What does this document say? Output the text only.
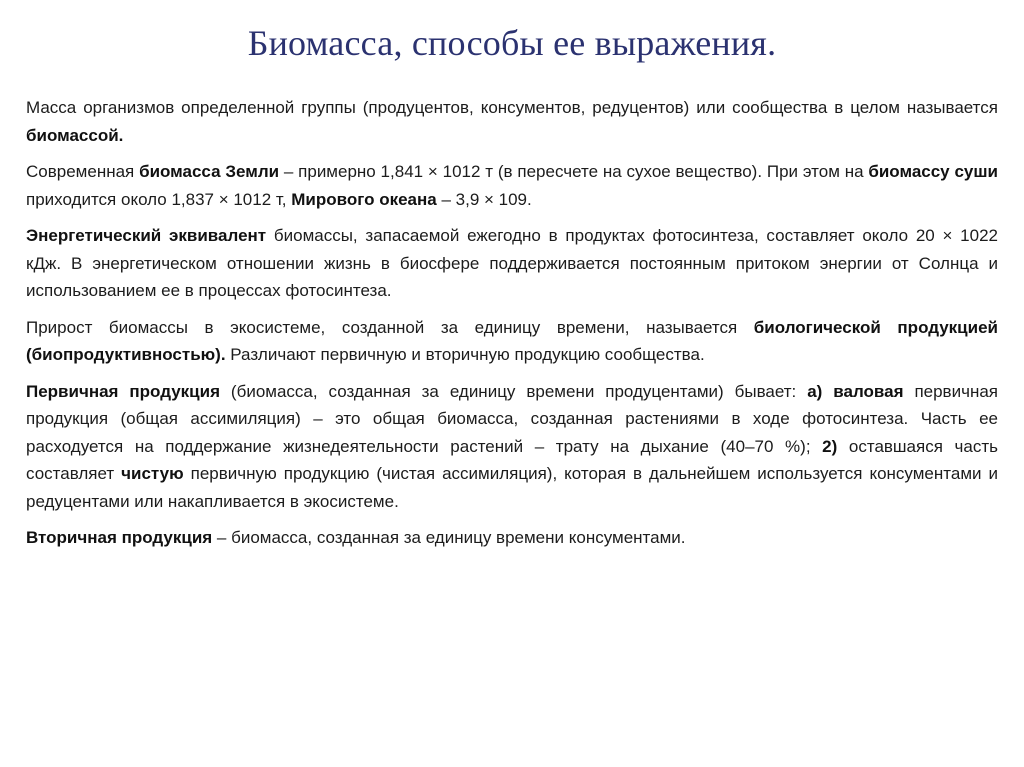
Биомасса, способы ее выражения.

Масса организмов определенной группы (продуцентов, консументов, редуцентов) или сообщества в целом называется биомассой.

Современная биомасса Земли – примерно 1,841 × 1012 т (в пересчете на сухое вещество). При этом на биомассу суши приходится около 1,837 × 1012 т, Мирового океана – 3,9 × 109.

Энергетический эквивалент биомассы, запасаемой ежегодно в продуктах фотосинтеза, составляет около 20 × 1022 кДж. В энергетическом отношении жизнь в биосфере поддерживается постоянным притоком энергии от Солнца и использованием ее в процессах фотосинтеза.

Прирост биомассы в экосистеме, созданной за единицу времени, называется биологической продукцией (биопродуктивностью). Различают первичную и вторичную продукцию сообщества.

Первичная продукция (биомасса, созданная за единицу времени продуцентами) бывает: а) валовая первичная продукция (общая ассимиляция) – это общая биомасса, созданная растениями в ходе фотосинтеза. Часть ее расходуется на поддержание жизнедеятельности растений – трату на дыхание (40–70 %); 2) оставшаяся часть составляет чистую первичную продукцию (чистая ассимиляция), которая в дальнейшем используется консументами и редуцентами или накапливается в экосистеме.

Вторичная продукция – биомасса, созданная за единицу времени консументами.
